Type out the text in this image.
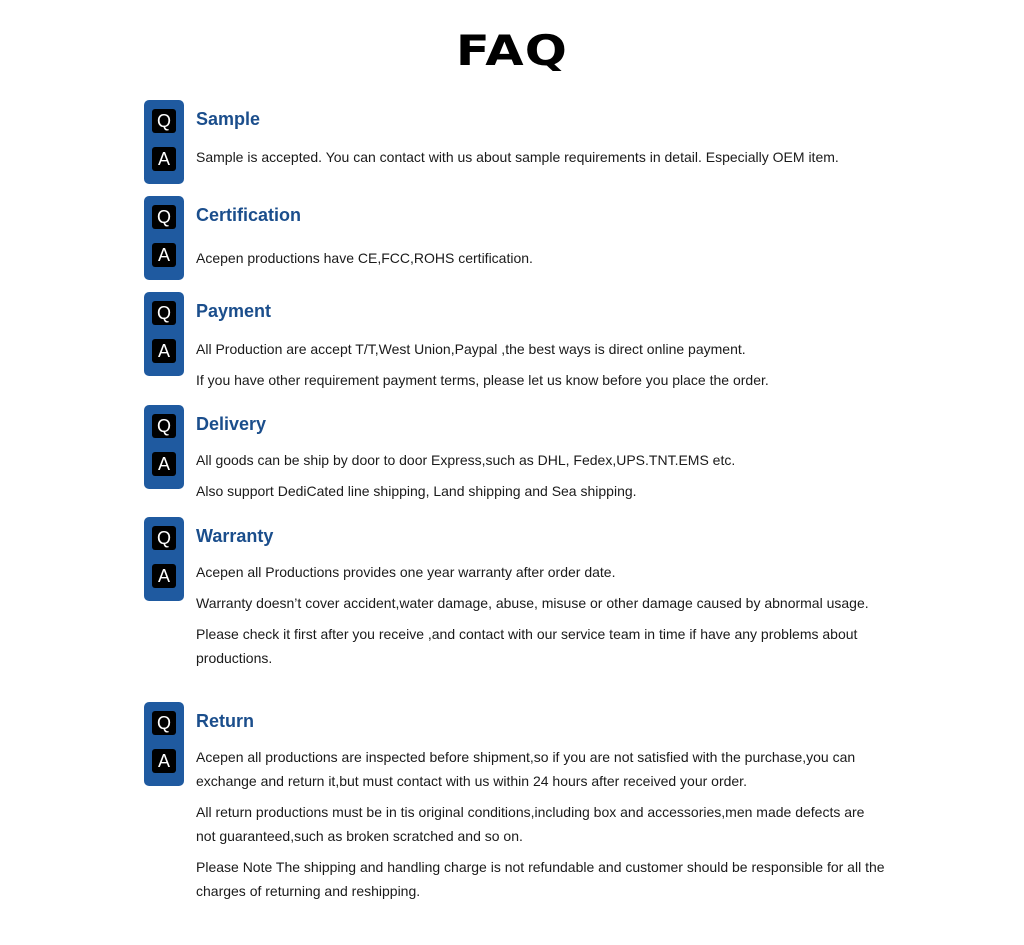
FAQ
Q
A
Sample

Sample is accepted. You can contact with us about sample requirements in detail. Especially OEM item.

Q
A
Certification

Acepen productions have CE,FCC,ROHS certification.

Q
A
Payment

All Production are accept T/T,West Union,Paypal ,the best ways is direct online payment.

If you have other requirement payment terms, please let us know before you place the order.

Q
A
Delivery

All goods can be ship by door to door Express,such as DHL, Fedex,UPS.TNT.EMS etc.

Also support DediCated line shipping, Land shipping and Sea shipping.

Q
A
Warranty

Acepen all Productions provides one year warranty after order date.

Warranty doesn’t cover accident,water damage, abuse, misuse or other damage caused by abnormal usage.

Please check it first after you receive ,and contact with our service team in time if have any problems about productions.

Q
A
Return

Acepen all productions are inspected before shipment,so if you are not satisfied with the purchase,you can exchange and return it,but must contact with us within 24 hours after received your order.

All return productions must be in tis original conditions,including box and accessories,men made defects are not guaranteed,such as broken scratched and so on.

Please Note The shipping and handling charge is not refundable and customer should be responsible for all the charges of returning and reshipping.
